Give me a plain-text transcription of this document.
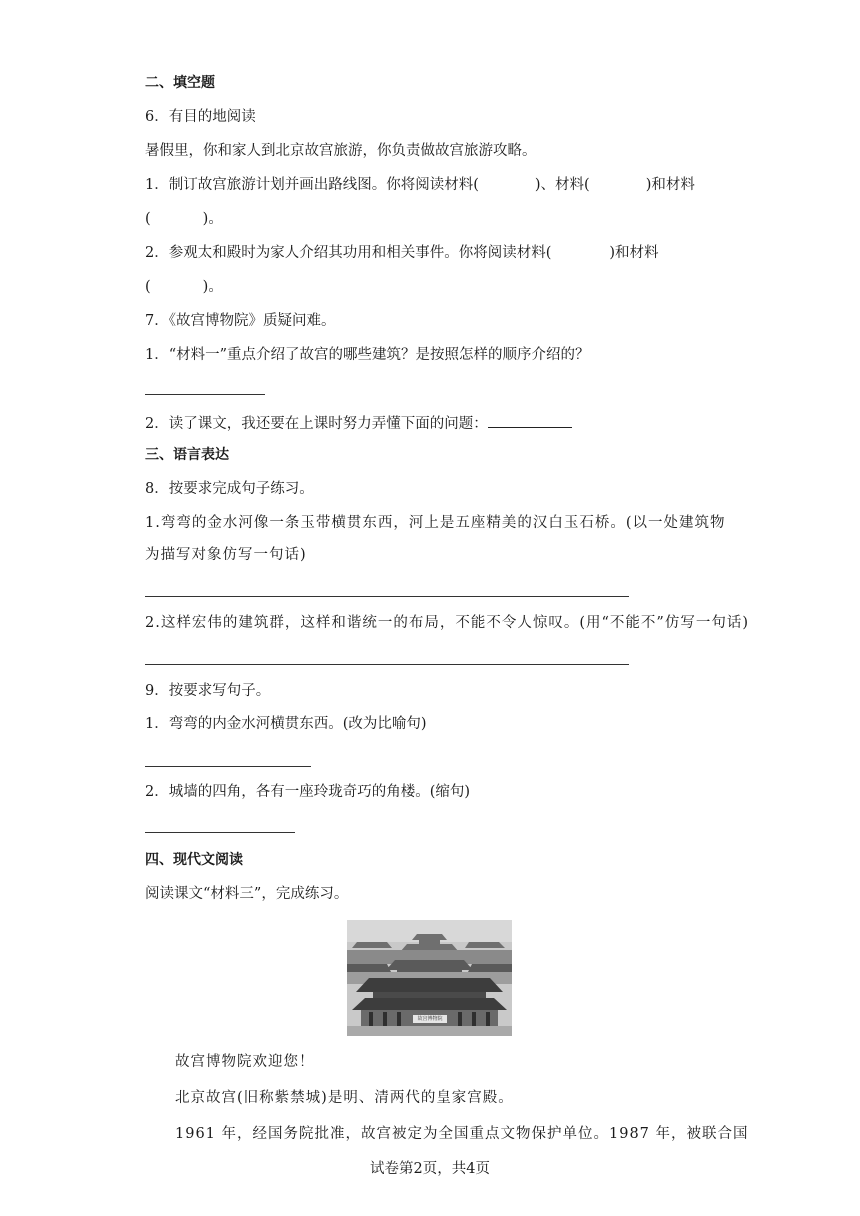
二、填空题
6．有目的地阅读
暑假里，你和家人到北京故宫旅游，你负责做故宫旅游攻略。
1．制订故宫旅游计划并画出路线图。你将阅读材料(	)、材料(	)和材料
(	)。
2．参观太和殿时为家人介绍其功用和相关事件。你将阅读材料(	)和材料
(	)。
7．《故宫博物院》质疑问难。
1．“材料一”重点介绍了故宫的哪些建筑？是按照怎样的顺序介绍的？
2．读了课文，我还要在上课时努力弄懂下面的问题：
三、语言表达
8．按要求完成句子练习。
1.弯弯的金水河像一条玉带横贯东西，河上是五座精美的汉白玉石桥。(以一处建筑物
为描写对象仿写一句话)
2.这样宏伟的建筑群，这样和谐统一的布局，不能不令人惊叹。(用“不能不”仿写一句话)
9．按要求写句子。
1．弯弯的内金水河横贯东西。(改为比喻句)
2．城墙的四角，各有一座玲珑奇巧的角楼。(缩句)
四、现代文阅读
阅读课文“材料三”，完成练习。
故宫博物院
故宫博物院欢迎您！
北京故宫(旧称紫禁城)是明、清两代的皇家宫殿。
1961 年，经国务院批准，故宫被定为全国重点文物保护单位。1987 年，被联合国
试卷第2页，共4页
